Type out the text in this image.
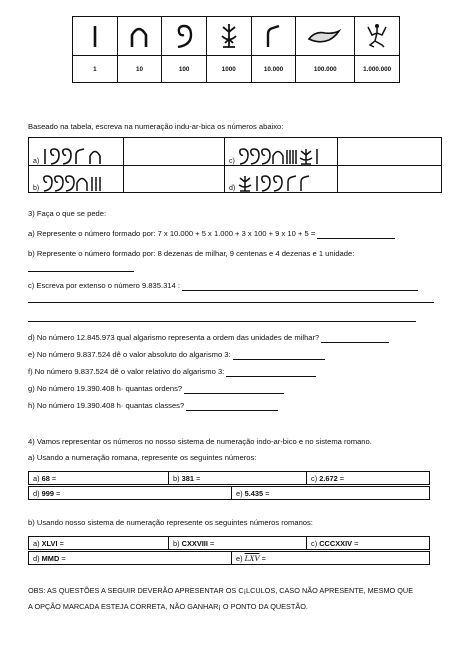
1	10	100	1000	10.000	100.000	1.000.000
Baseado na tabela, escreva na numeração indu-ar-bica os números abaixo:
a)		c)	
b)		d)	
3) Faça o que se pede:
a) Represente o número formado por: 7 x 10.000 + 5 x 1.000 + 3 x 100 + 9 x 10 + 5 =
b) Represente o número formado por: 8 dezenas de milhar, 9 centenas e 4 dezenas e 1 unidade:
c) Escreva por extenso o número 9.835.314 :
d) No número 12.845.973 qual algarismo representa a ordem das unidades de milhar?
e) No número 9.837.524 dê o valor absoluto do algarismo 3:
f) No número 9.837.524 dê o valor relativo do algarismo 3:
g) No número 19.390.408 h· quantas ordens?
h) No número 19.390.408 h· quantas classes?
4) Vamos representar os números no nosso sistema de numeração indo-ar-bico e no sistema romano.
a) Usando a numeração romana, represente os seguintes números:
a) 68 =	b) 381 =	c) 2.672 =
d) 999 =	e) 5.435 =
b) Usando nosso sistema de numeração represente os seguintes números romanos:
a) XLVI =	b) CXXVIII =	c) CCCXXIV =
d) MMD =	e) $\overline{LXV}$ =
OBS: AS QUESTÕES A SEGUIR DEVERÃO APRESENTAR OS C¡LCULOS, CASO NÃO APRESENTE, MESMO QUE
A OPÇÃO MARCADA ESTEJA CORRETA, NÃO GANHAR¡ O PONTO DA QUESTÃO.
